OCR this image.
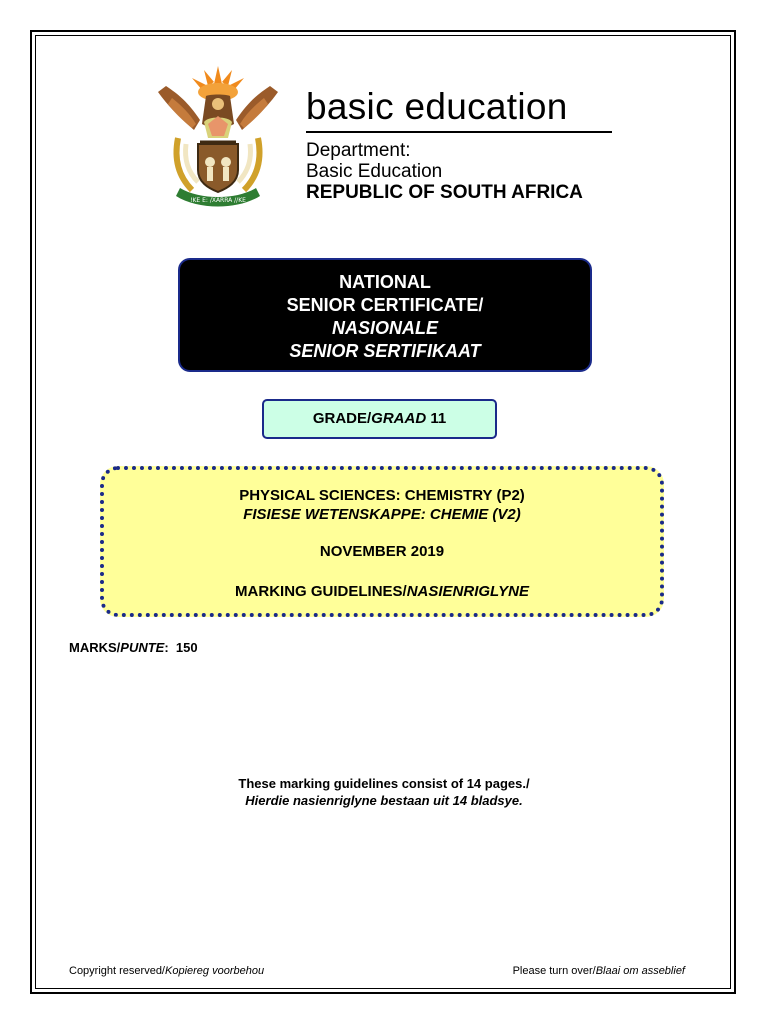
!KE E: /XARRA //KE
basic education
Department:
Basic Education
REPUBLIC OF SOUTH AFRICA
NATIONAL
SENIOR CERTIFICATE/
NASIONALE
SENIOR SERTIFIKAAT
GRADE/GRAAD 11
PHYSICAL SCIENCES: CHEMISTRY (P2)
FISIESE WETENSKAPPE: CHEMIE (V2)
NOVEMBER 2019
MARKING GUIDELINES/NASIENRIGLYNE
MARKS/PUNTE: 150
These marking guidelines consist of 14 pages./
Hierdie nasienriglyne bestaan uit 14 bladsye.
Copyright reserved/Kopiereg voorbehou	Please turn over/Blaai om asseblief
